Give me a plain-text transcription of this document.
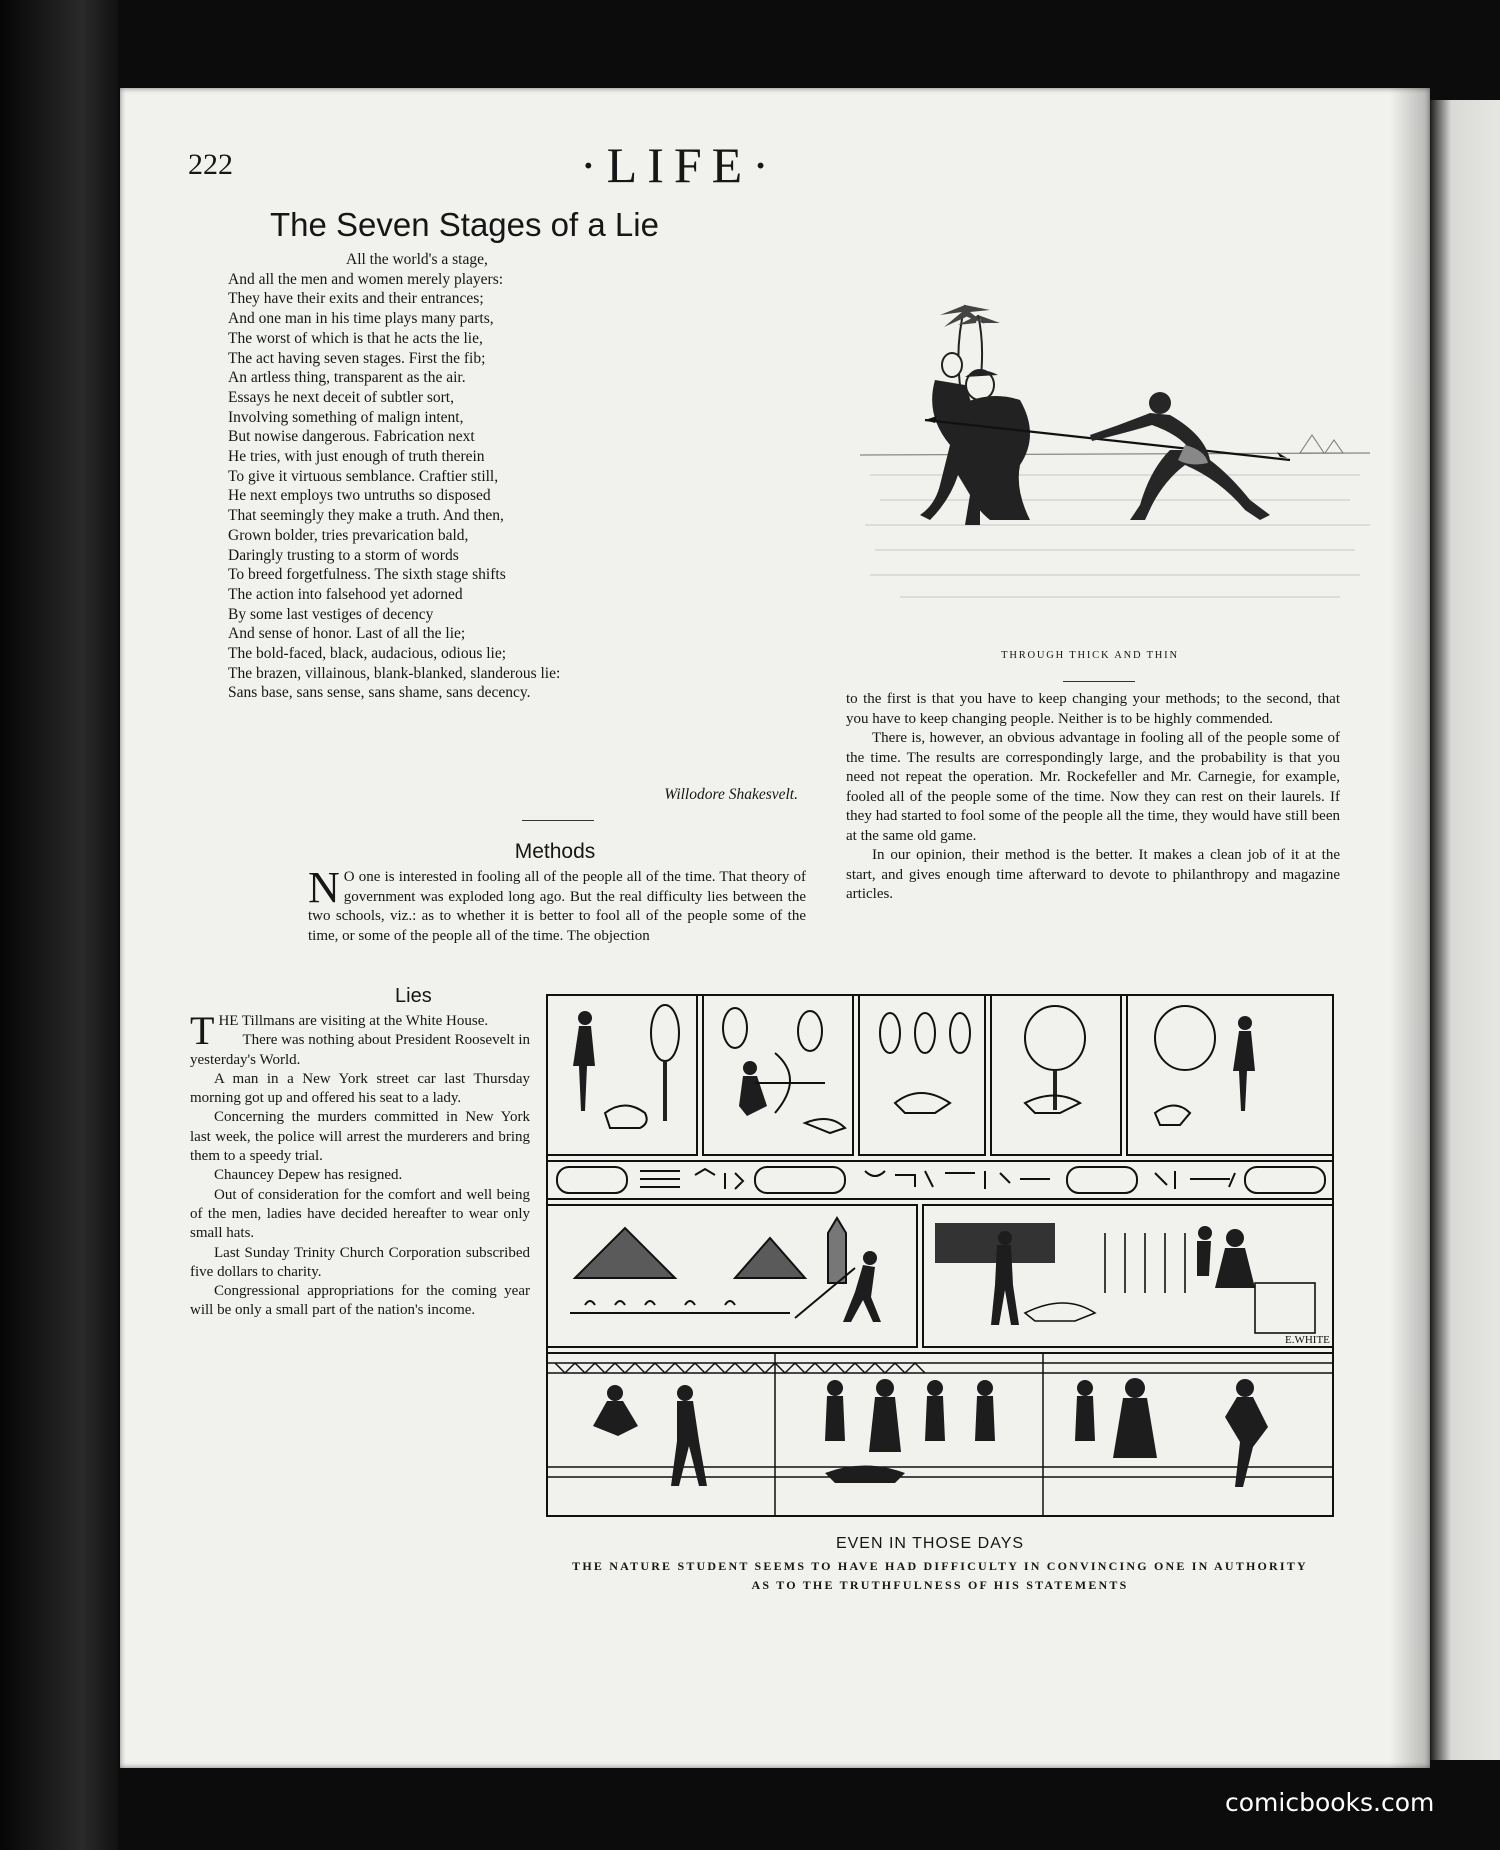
222	·LIFE·
The Seven Stages of a Lie
All the world's a stage,
And all the men and women merely players:
They have their exits and their entrances;
And one man in his time plays many parts,
The worst of which is that he acts the lie,
The act having seven stages. First the fib;
An artless thing, transparent as the air.
Essays he next deceit of subtler sort,
Involving something of malign intent,
But nowise dangerous. Fabrication next
He tries, with just enough of truth therein
To give it virtuous semblance. Craftier still,
He next employs two untruths so disposed
That seemingly they make a truth. And then,
Grown bolder, tries prevarication bald,
Daringly trusting to a storm of words
To breed forgetfulness. The sixth stage shifts
The action into falsehood yet adorned
By some last vestiges of decency
And sense of honor. Last of all the lie;
The bold-faced, black, audacious, odious lie;
The brazen, villainous, blank-blanked, slanderous lie:
Sans base, sans sense, sans shame, sans decency.
Willodore Shakesvelt.
THROUGH THICK AND THIN
Methods
N O one is interested in fooling all of the people all of the time. That theory of government was exploded long ago. But the real difficulty lies between the two schools, viz.: as to whether it is better to fool all of the people some of the time, or some of the people all of the time. The objection
to the first is that you have to keep changing your methods; to the second, that you have to keep changing people. Neither is to be highly commended.
There is, however, an obvious advantage in fooling all of the people some of the time. The results are correspondingly large, and the probability is that you need not repeat the operation. Mr. Rockefeller and Mr. Carnegie, for example, fooled all of the people some of the time. Now they can rest on their laurels. If they had started to fool some of the people all the time, they would have still been at the same old game.
In our opinion, their method is the better. It makes a clean job of it at the start, and gives enough time afterward to devote to philanthropy and magazine articles.
Lies

THE Tillmans are visiting at the White House.

There was nothing about President Roosevelt in yesterday's World.

A man in a New York street car last Thursday morning got up and offered his seat to a lady.

Concerning the murders committed in New York last week, the police will arrest the murderers and bring them to a speedy trial.

Chauncey Depew has resigned.

Out of consideration for the comfort and well being of the men, ladies have decided hereafter to wear only small hats.

Last Sunday Trinity Church Corporation subscribed five dollars to charity.

Congressional appropriations for the coming year will be only a small part of the nation's income.

E.WHITE
EVEN IN THOSE DAYS
THE NATURE STUDENT SEEMS TO HAVE HAD DIFFICULTY IN CONVINCING ONE IN AUTHORITY
AS TO THE TRUTHFULNESS OF HIS STATEMENTS
comicbooks.com
